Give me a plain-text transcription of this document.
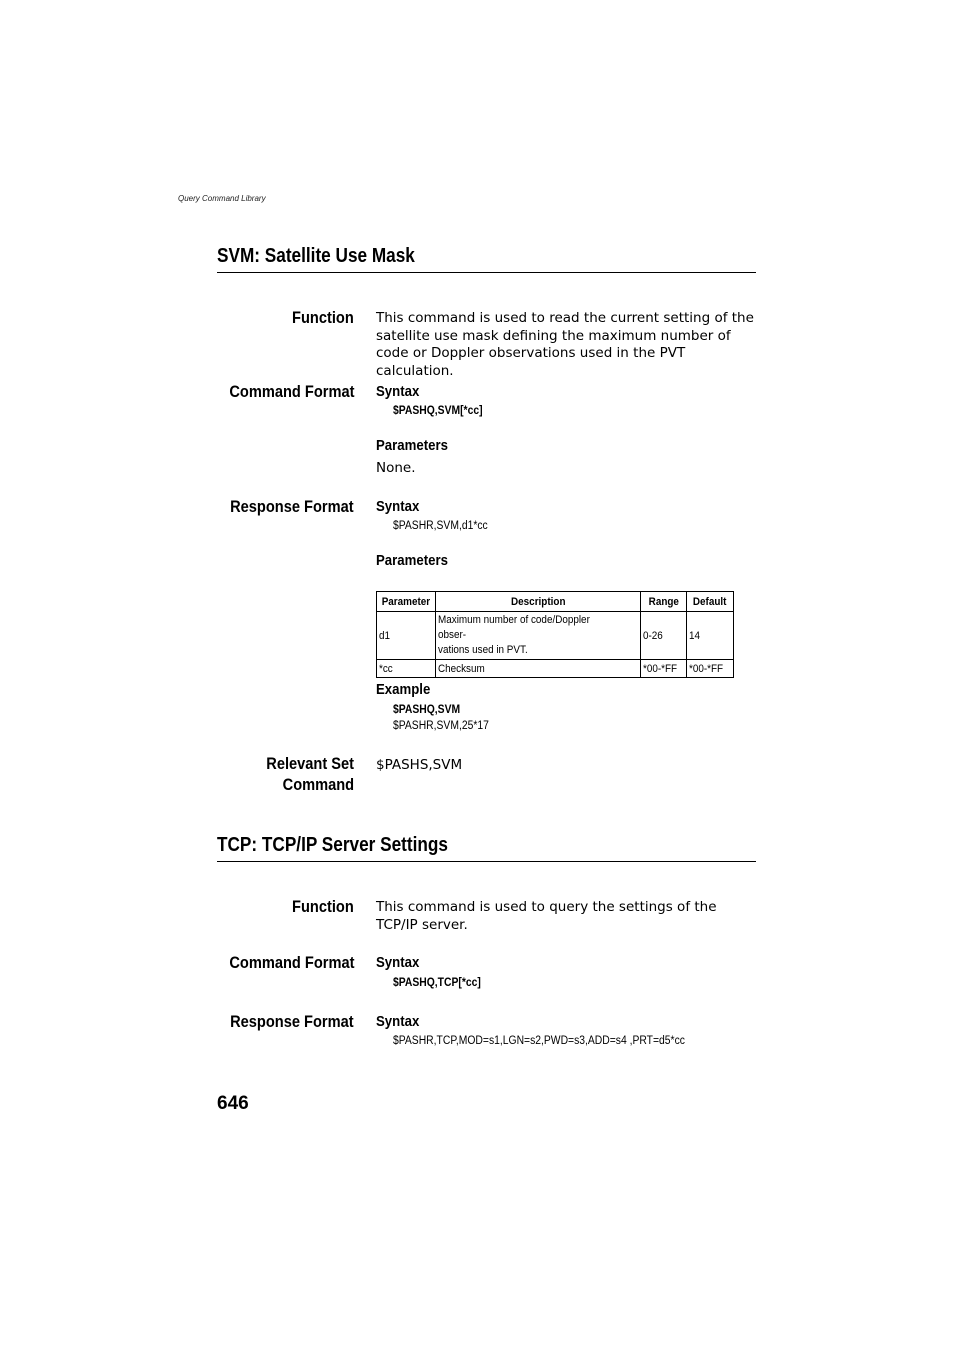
Query Command Library
SVM: Satellite Use Mask
Function This command is used to read the current setting of the satellite use mask defining the maximum number of code or Doppler observations used in the PVT calculation.
Command Format Syntax
$PASHQ,SVM[*cc]
Parameters
None.
Response Format Syntax
$PASHR,SVM,d1*cc
Parameters
Parameter	Description	Range	Default
d1	Maximum number of code/Doppler obser-
vations used in PVT.	0-26	14
*cc	Checksum	*00-*FF	*00-*FF
Example
$PASHQ,SVM
$PASHR,SVM,25*17
Relevant Set
Command
$PASHS,SVM
TCP: TCP/IP Server Settings
Function This command is used to query the settings of the TCP/IP server.
Command Format Syntax
$PASHQ,TCP[*cc]
Response Format Syntax
$PASHR,TCP,MOD=s1,LGN=s2,PWD=s3,ADD=s4 ,PRT=d5*cc
646
